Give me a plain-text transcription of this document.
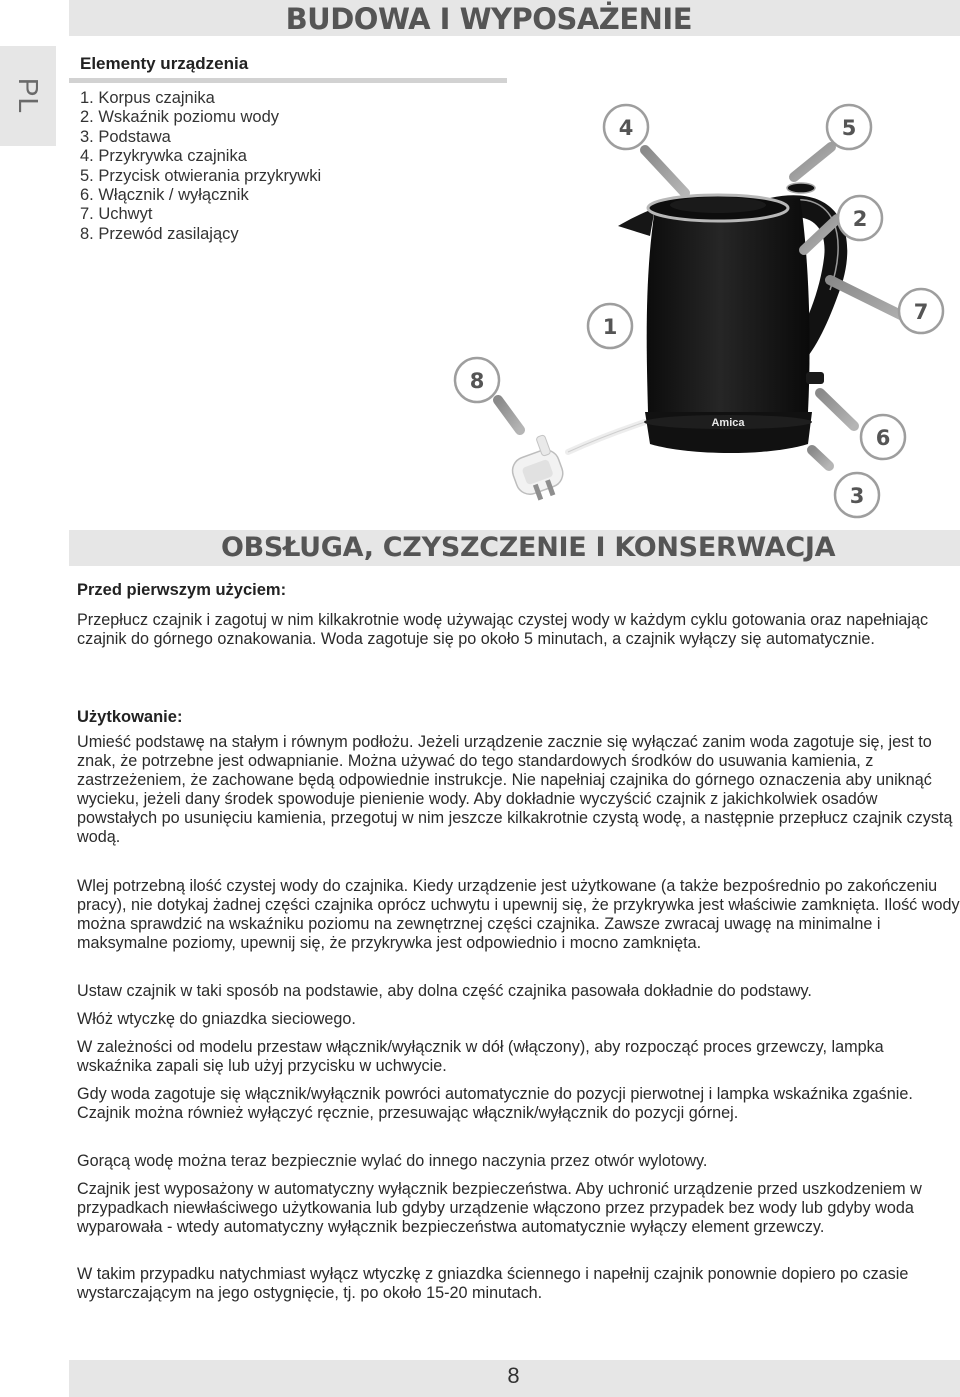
PL
BUDOWA I WYPOSAŻENIE
Elementy urządzenia
1. Korpus czajnika
2. Wskaźnik poziomu wody
3. Podstawa
4. Przykrywka czajnika
5. Przycisk otwierania przykrywki
6. Włącznik / wyłącznik
7. Uchwyt
8. Przewód zasilający
Amica
4	5
2
1
7
8
6
3
OBSŁUGA, CZYSZCZENIE I KONSERWACJA
Przed pierwszym użyciem:

Przepłucz czajnik i zagotuj w nim kilkakrotnie wodę używając czystej wody w każdym cyklu gotowania oraz napełniając czajnik do górnego oznakowania. Woda zagotuje się po około 5 minutach, a czajnik wyłączy się automatycznie.

Użytkowanie:

Umieść podstawę na stałym i równym podłożu. Jeżeli urządzenie zacznie się wyłączać zanim woda zagotuje się, jest to znak, że potrzebne jest odwapnianie. Można używać do tego standardowych środków do usuwania kamienia, z zastrzeżeniem, że zachowane będą odpowiednie instrukcje. Nie napełniaj czajnika do górnego oznaczenia aby uniknąć wycieku, jeżeli dany środek spowoduje pienienie wody. Aby dokładnie wyczyścić czajnik z jakichkolwiek osadów powstałych po usunięciu kamienia, przegotuj w nim jeszcze kilkakrotnie czystą wodę, a następnie przepłucz czajnik czystą wodą.

Wlej potrzebną ilość czystej wody do czajnika. Kiedy urządzenie jest użytkowane (a także bezpośrednio po zakończeniu pracy), nie dotykaj żadnej części czajnika oprócz uchwytu i upewnij się, że przykrywka jest właściwie zamknięta. Ilość wody można sprawdzić na wskaźniku poziomu na zewnętrznej części czajnika. Zawsze zwracaj uwagę na minimalne i maksymalne poziomy, upewnij się, że przykrywka jest odpowiednio i mocno zamknięta.

Ustaw czajnik w taki sposób na podstawie, aby dolna część czajnika pasowała dokładnie do podstawy.

Włóż wtyczkę do gniazdka sieciowego.

W zależności od modelu przestaw włącznik/wyłącznik w dół (włączony), aby rozpocząć proces grzewczy, lampka wskaźnika zapali się lub użyj przycisku w uchwycie.

Gdy woda zagotuje się włącznik/wyłącznik powróci automatycznie do pozycji pierwotnej i lampka wskaźnika zgaśnie. Czajnik można również wyłączyć ręcznie, przesuwając włącznik/wyłącznik do pozycji górnej.

Gorącą wodę można teraz bezpiecznie wylać do innego naczynia przez otwór wylotowy.

Czajnik jest wyposażony w automatyczny wyłącznik bezpieczeństwa. Aby uchronić urządzenie przed uszkodzeniem w przypadkach niewłaściwego użytkowania lub gdyby urządzenie włączono przez przypadek bez wody lub gdyby woda wyparowała - wtedy automatyczny wyłącznik bezpieczeństwa automatycznie wyłączy element grzewczy.

W takim przypadku natychmiast wyłącz wtyczkę z gniazdka ściennego i napełnij czajnik ponownie dopiero po czasie wystarczającym na jego ostygnięcie, tj. po około 15-20 minutach.

8
